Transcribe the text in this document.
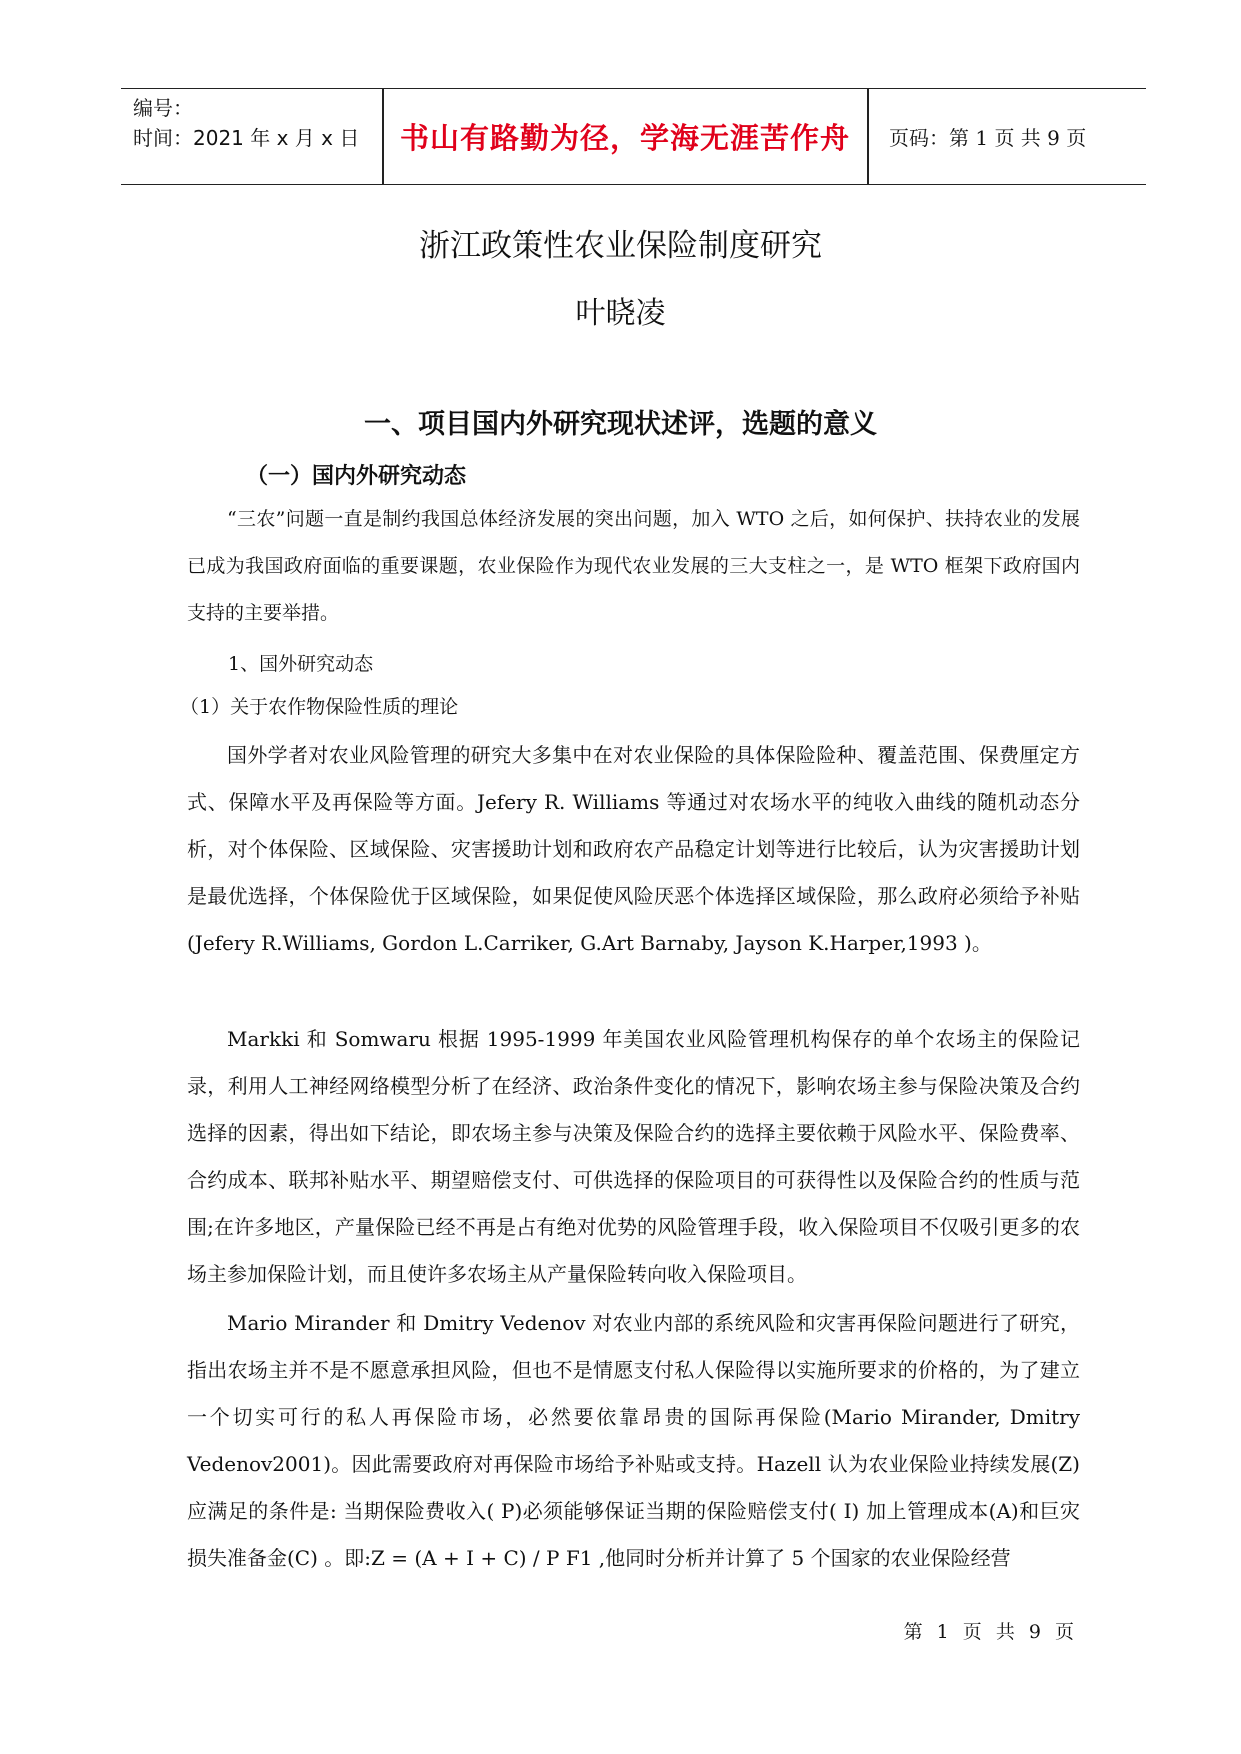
编号：
时间：2021 年 x 月 x 日	书山有路勤为径，学海无涯苦作舟	页码：第 1 页 共 9 页
浙江政策性农业保险制度研究
叶晓凌
一、项目国内外研究现状述评，选题的意义
（一）国内外研究动态

“三农”问题一直是制约我国总体经济发展的突出问题，加入 WTO 之后，如何保护、扶持农业的发展已成为我国政府面临的重要课题，农业保险作为现代农业发展的三大支柱之一，是 WTO 框架下政府国内支持的主要举措。

1、国外研究动态

（1）关于农作物保险性质的理论

国外学者对农业风险管理的研究大多集中在对农业保险的具体保险险种、覆盖范围、保费厘定方式、保障水平及再保险等方面。Jefery R. Williams 等通过对农场水平的纯收入曲线的随机动态分析，对个体保险、区域保险、灾害援助计划和政府农产品稳定计划等进行比较后，认为灾害援助计划是最优选择，个体保险优于区域保险，如果促使风险厌恶个体选择区域保险，那么政府必须给予补贴(Jefery R.Williams, Gordon L.Carriker, G.Art Barnaby, Jayson K.Harper,1993 )。

Markki 和 Somwaru 根据 1995-1999 年美国农业风险管理机构保存的单个农场主的保险记录，利用人工神经网络模型分析了在经济、政治条件变化的情况下，影响农场主参与保险决策及合约选择的因素，得出如下结论，即农场主参与决策及保险合约的选择主要依赖于风险水平、保险费率、合约成本、联邦补贴水平、期望赔偿支付、可供选择的保险项目的可获得性以及保险合约的性质与范围;在许多地区，产量保险已经不再是占有绝对优势的风险管理手段，收入保险项目不仅吸引更多的农场主参加保险计划，而且使许多农场主从产量保险转向收入保险项目。

Mario Mirander 和 Dmitry Vedenov 对农业内部的系统风险和灾害再保险问题进行了研究，指出农场主并不是不愿意承担风险，但也不是情愿支付私人保险得以实施所要求的价格的，为了建立一个切实可行的私人再保险市场，必然要依靠昂贵的国际再保险(Mario Mirander, Dmitry Vedenov2001)。因此需要政府对再保险市场给予补贴或支持。Hazell 认为农业保险业持续发展(Z)应满足的条件是: 当期保险费收入( P)必须能够保证当期的保险赔偿支付( I) 加上管理成本(A)和巨灾损失准备金(C) 。即:Z = (A + I + C) / P F1 ,他同时分析并计算了 5 个国家的农业保险经营

第 1 页 共 9 页
